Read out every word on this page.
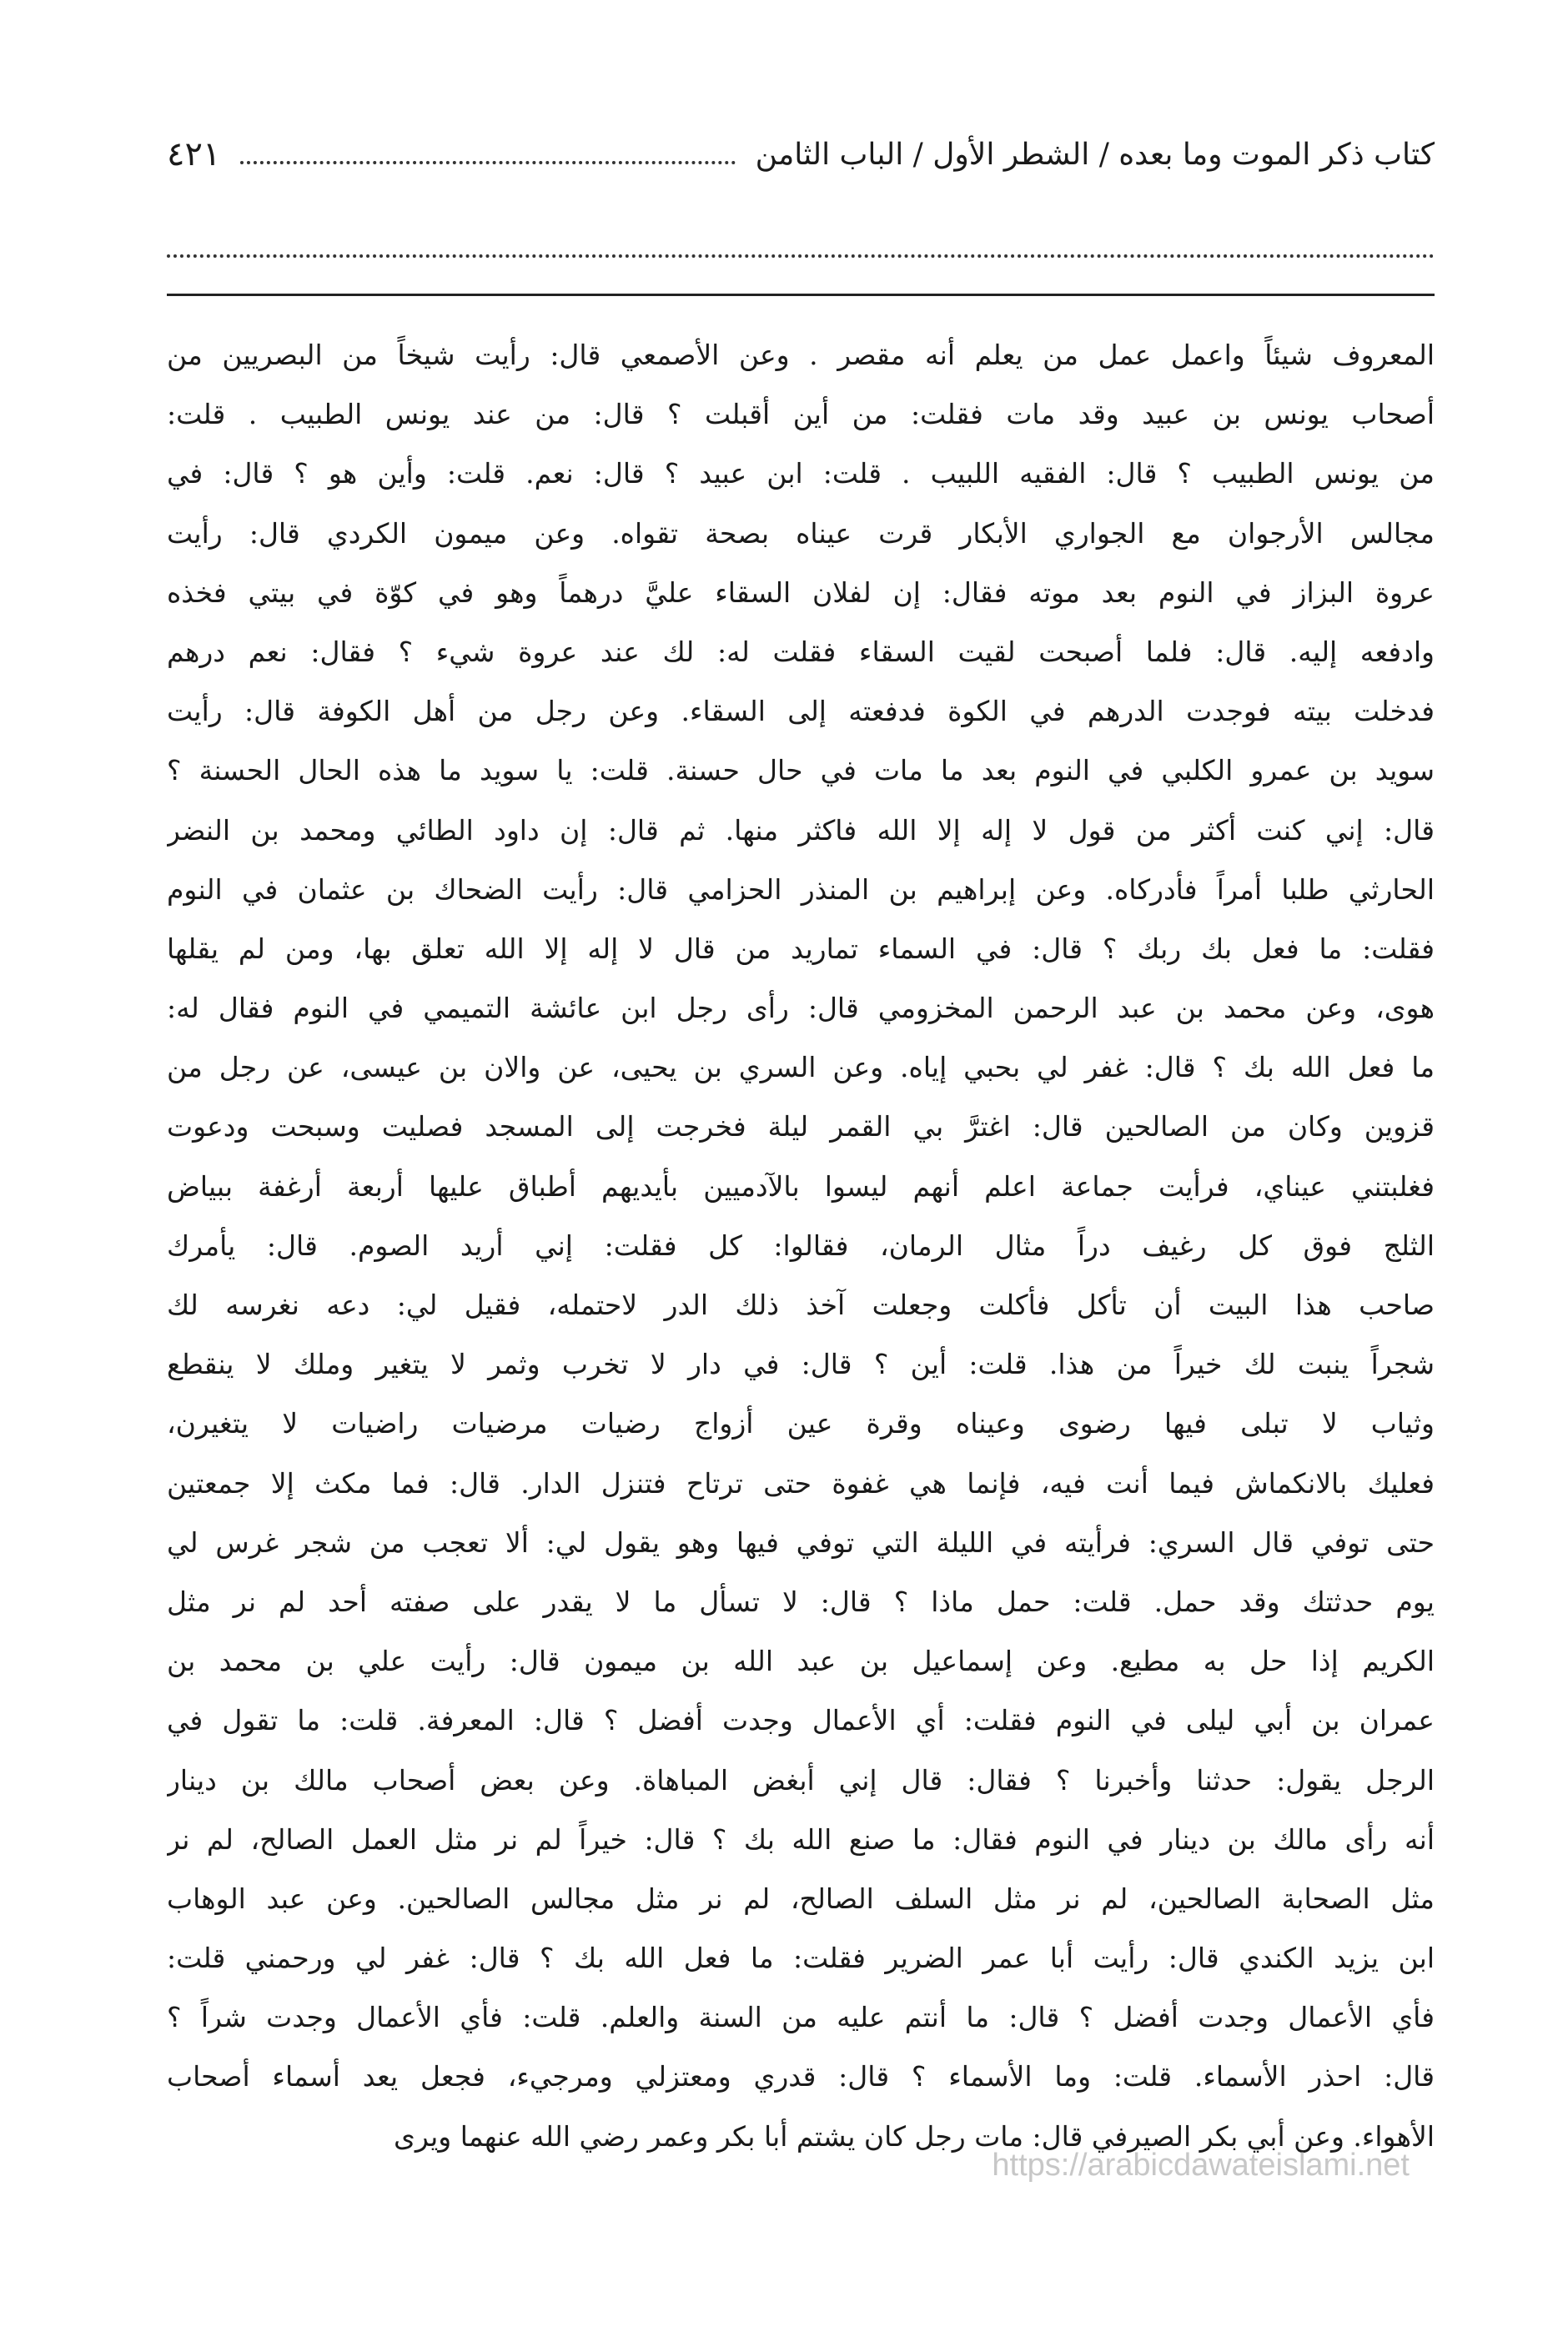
كتاب ذكر الموت وما بعده / الشطر الأول / الباب الثامن
٤٢١
المعروف شيئاً واعمل عمل من يعلم أنه مقصر . وعن الأصمعي قال: رأيت شيخاً من البصريين من
أصحاب يونس بن عبيد وقد مات فقلت: من أين أقبلت ؟ قال: من عند يونس الطبيب . قلت:
من يونس الطبيب ؟ قال: الفقيه اللبيب . قلت: ابن عبيد ؟ قال: نعم. قلت: وأين هو ؟ قال: في
مجالس الأرجوان مع الجواري الأبكار قرت عيناه بصحة تقواه. وعن ميمون الكردي قال: رأيت
عروة البزاز في النوم بعد موته فقال: إن لفلان السقاء عليَّ درهماً وهو في كوّة في بيتي فخذه
وادفعه إليه. قال: فلما أصبحت لقيت السقاء فقلت له: لك عند عروة شيء ؟ فقال: نعم درهم
فدخلت بيته فوجدت الدرهم في الكوة فدفعته إلى السقاء. وعن رجل من أهل الكوفة قال: رأيت
سويد بن عمرو الكلبي في النوم بعد ما مات في حال حسنة. قلت: يا سويد ما هذه الحال الحسنة ؟
قال: إني كنت أكثر من قول لا إله إلا الله فاكثر منها. ثم قال: إن داود الطائي ومحمد بن النضر
الحارثي طلبا أمراً فأدركاه. وعن إبراهيم بن المنذر الحزامي قال: رأيت الضحاك بن عثمان في النوم
فقلت: ما فعل بك ربك ؟ قال: في السماء تماريد من قال لا إله إلا الله تعلق بها، ومن لم يقلها
هوى، وعن محمد بن عبد الرحمن المخزومي قال: رأى رجل ابن عائشة التميمي في النوم فقال له:
ما فعل الله بك ؟ قال: غفر لي بحبي إياه. وعن السري بن يحيى، عن والان بن عيسى، عن رجل من
قزوين وكان من الصالحين قال: اغترَّ بي القمر ليلة فخرجت إلى المسجد فصليت وسبحت ودعوت
فغلبتني عيناي، فرأيت جماعة اعلم أنهم ليسوا بالآدميين بأيديهم أطباق عليها أربعة أرغفة ببياض
الثلج فوق كل رغيف دراً مثال الرمان، فقالوا: كل فقلت: إني أريد الصوم. قال: يأمرك
صاحب هذا البيت أن تأكل فأكلت وجعلت آخذ ذلك الدر لاحتمله، فقيل لي: دعه نغرسه لك
شجراً ينبت لك خيراً من هذا. قلت: أين ؟ قال: في دار لا تخرب وثمر لا يتغير وملك لا ينقطع
وثياب لا تبلى فيها رضوى وعيناه وقرة عين أزواج رضيات مرضيات راضيات لا يتغيرن،
فعليك بالانكماش فيما أنت فيه، فإنما هي غفوة حتى ترتاح فتنزل الدار. قال: فما مكث إلا جمعتين
حتى توفي قال السري: فرأيته في الليلة التي توفي فيها وهو يقول لي: ألا تعجب من شجر غرس لي
يوم حدثتك وقد حمل. قلت: حمل ماذا ؟ قال: لا تسأل ما لا يقدر على صفته أحد لم نر مثل
الكريم إذا حل به مطيع. وعن إسماعيل بن عبد الله بن ميمون قال: رأيت علي بن محمد بن
عمران بن أبي ليلى في النوم فقلت: أي الأعمال وجدت أفضل ؟ قال: المعرفة. قلت: ما تقول في
الرجل يقول: حدثنا وأخبرنا ؟ فقال: قال إني أبغض المباهاة. وعن بعض أصحاب مالك بن دينار
أنه رأى مالك بن دينار في النوم فقال: ما صنع الله بك ؟ قال: خيراً لم نر مثل العمل الصالح، لم نر
مثل الصحابة الصالحين، لم نر مثل السلف الصالح، لم نر مثل مجالس الصالحين. وعن عبد الوهاب
ابن يزيد الكندي قال: رأيت أبا عمر الضرير فقلت: ما فعل الله بك ؟ قال: غفر لي ورحمني قلت:
فأي الأعمال وجدت أفضل ؟ قال: ما أنتم عليه من السنة والعلم. قلت: فأي الأعمال وجدت شراً ؟
قال: احذر الأسماء. قلت: وما الأسماء ؟ قال: قدري ومعتزلي ومرجيء، فجعل يعد أسماء أصحاب
الأهواء. وعن أبي بكر الصيرفي قال: مات رجل كان يشتم أبا بكر وعمر رضي الله عنهما ويرى
https://arabicdawateislami.net
